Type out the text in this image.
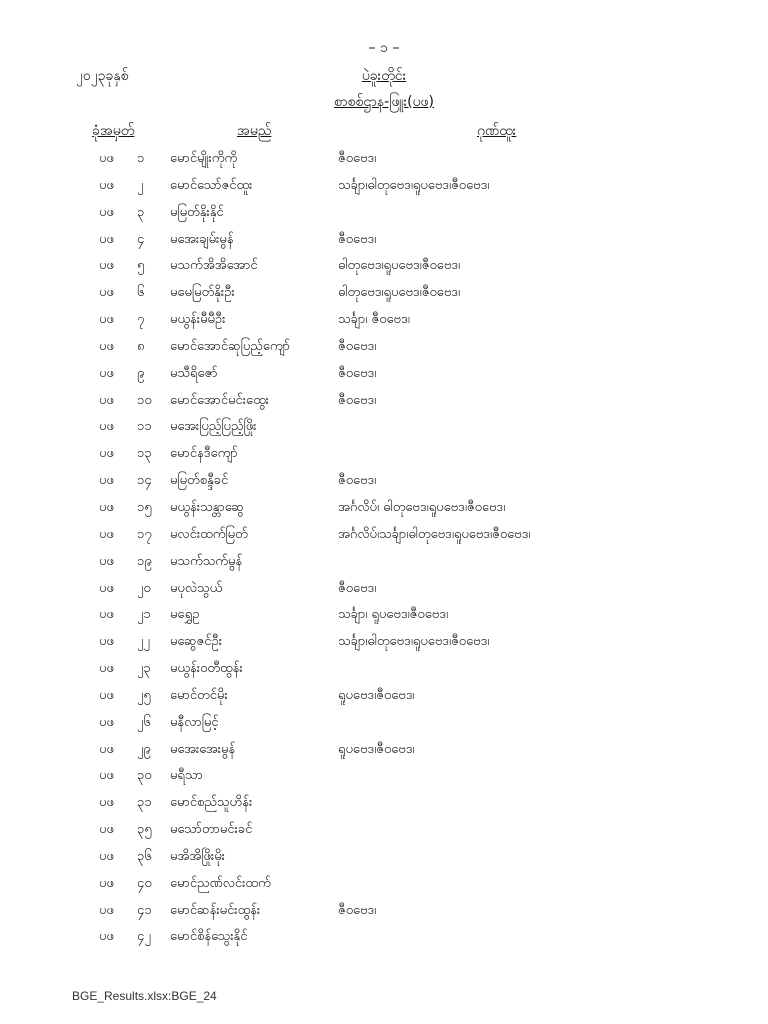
– ၁ –
၂၀၂၃ခုနှစ်	ပဲခူးတိုင်း
စာစစ်ဌာန-ဖြူး(ပဖ)
ခုံအမှတ်	အမည်	ဂုဏ်ထူး
ပဖ ၁ မောင်မျိုးကိုကို	ဇီဝဗေဒ၊
ပဖ ၂ မောင်သော်ဇင်ထူး	သင်္ချာ၊ဓါတုဗေဒ၊ရူပဗေဒ၊ဇီဝဗေဒ၊
ပဖ ၃ မမြတ်နိုးနိုင်
ပဖ ၄ မအေးချမ်းမွန်	ဇီဝဗေဒ၊
ပဖ ၅ မသက်အိအိအောင်	ဓါတုဗေဒ၊ရူပဗေဒ၊ဇီဝဗေဒ၊
ပဖ ၆ မမေမြတ်နိုးဦး	ဓါတုဗေဒ၊ရူပဗေဒ၊ဇီဝဗေဒ၊
ပဖ ၇ မယွန်းမီမီဦး	သင်္ချာ၊ ဇီဝဗေဒ၊
ပဖ ၈ မောင်အောင်ဆုပြည့်ကျော်	ဇီဝဗေဒ၊
ပဖ ၉ မသီရိဇော်	ဇီဝဗေဒ၊
ပဖ ၁၀ မောင်အောင်မင်းထွေး	ဇီဝဗေဒ၊
ပဖ ၁၁ မအေးပြည့်ပြည့်ဖြိုး
ပဖ ၁၃ မောင်နဒီကျော်
ပဖ ၁၄ မမြတ်စန္ဒီခင်	ဇီဝဗေဒ၊
ပဖ ၁၅ မယွန်းသန္တာဆွေ	အင်္ဂလိပ်၊ ဓါတုဗေဒ၊ရူပဗေဒ၊ဇီဝဗေဒ၊
ပဖ ၁၇ မလင်းထက်မြတ်	အင်္ဂလိပ်၊သင်္ချာ၊ဓါတုဗေဒ၊ရူပဗေဒ၊ဇီဝဗေဒ၊
ပဖ ၁၉ မသက်သက်မွန်
ပဖ ၂၀ မပုလဲသွယ်	ဇီဝဗေဒ၊
ပဖ ၂၁ မရွှေဥ	သင်္ချာ၊ ရူပဗေဒ၊ဇီဝဗေဒ၊
ပဖ ၂၂ မဆွေဇင်ဦး	သင်္ချာ၊ဓါတုဗေဒ၊ရူပဗေဒ၊ဇီဝဗေဒ၊
ပဖ ၂၃ မယွန်းဝတီထွန်း
ပဖ ၂၅ မောင်တင်မိုး	ရူပဗေဒ၊ဇီဝဗေဒ၊
ပဖ ၂၆ မနီလာမြင့်
ပဖ ၂၉ မအေးအေးမွန်	ရူပဗေဒ၊ဇီဝဗေဒ၊
ပဖ ၃၀ မရီသာ
ပဖ ၃၁ မောင်စည်သူဟိန်း
ပဖ ၃၅ မသော်တာမင်းခင်
ပဖ ၃၆ မအိအိဖြိုးမိုး
ပဖ ၄၀ မောင်ညဏ်လင်းထက်
ပဖ ၄၁ မောင်ဆန်းမင်းထွန်း	ဇီဝဗေဒ၊
ပဖ ၄၂ မောင်စိန်သွေးနိုင်
BGE_Results.xlsx:BGE_24
